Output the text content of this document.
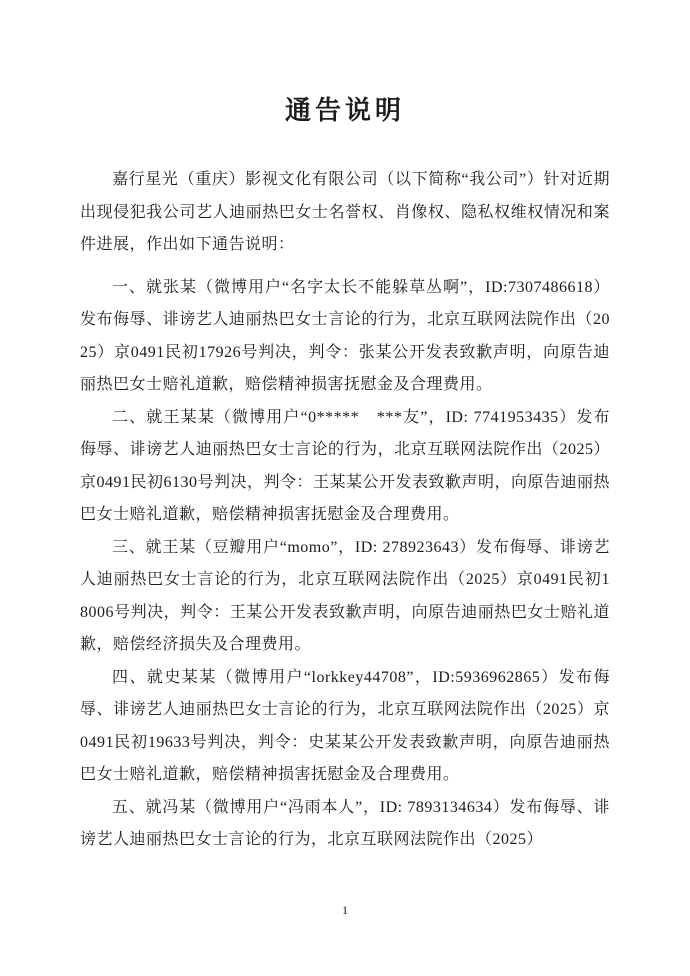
通告说明

嘉行星光（重庆）影视文化有限公司（以下简称“我公司”）针对近期出现侵犯我公司艺人迪丽热巴女士名誉权、肖像权、隐私权维权情况和案件进展，作出如下通告说明：

一、就张某（微博用户“名字太长不能躲草丛啊”，ID:7307486618）发布侮辱、诽谤艺人迪丽热巴女士言论的行为，北京互联网法院作出（2025）京0491民初17926号判决，判令：张某公开发表致歉声明，向原告迪丽热巴女士赔礼道歉，赔偿精神损害抚慰金及合理费用。

二、就王某某（微博用户“0*****　***友”，ID: 7741953435）发布侮辱、诽谤艺人迪丽热巴女士言论的行为，北京互联网法院作出（2025）京0491民初6130号判决，判令：王某某公开发表致歉声明，向原告迪丽热巴女士赔礼道歉，赔偿精神损害抚慰金及合理费用。

三、就王某（豆瓣用户“momo”，ID: 278923643）发布侮辱、诽谤艺人迪丽热巴女士言论的行为，北京互联网法院作出（2025）京0491民初18006号判决，判令：王某公开发表致歉声明，向原告迪丽热巴女士赔礼道歉，赔偿经济损失及合理费用。

四、就史某某（微博用户“lorkkey44708”，ID:5936962865）发布侮辱、诽谤艺人迪丽热巴女士言论的行为，北京互联网法院作出（2025）京0491民初19633号判决，判令：史某某公开发表致歉声明，向原告迪丽热巴女士赔礼道歉，赔偿精神损害抚慰金及合理费用。

五、就冯某（微博用户“冯雨本人”，ID: 7893134634）发布侮辱、诽谤艺人迪丽热巴女士言论的行为，北京互联网法院作出（2025）

1
